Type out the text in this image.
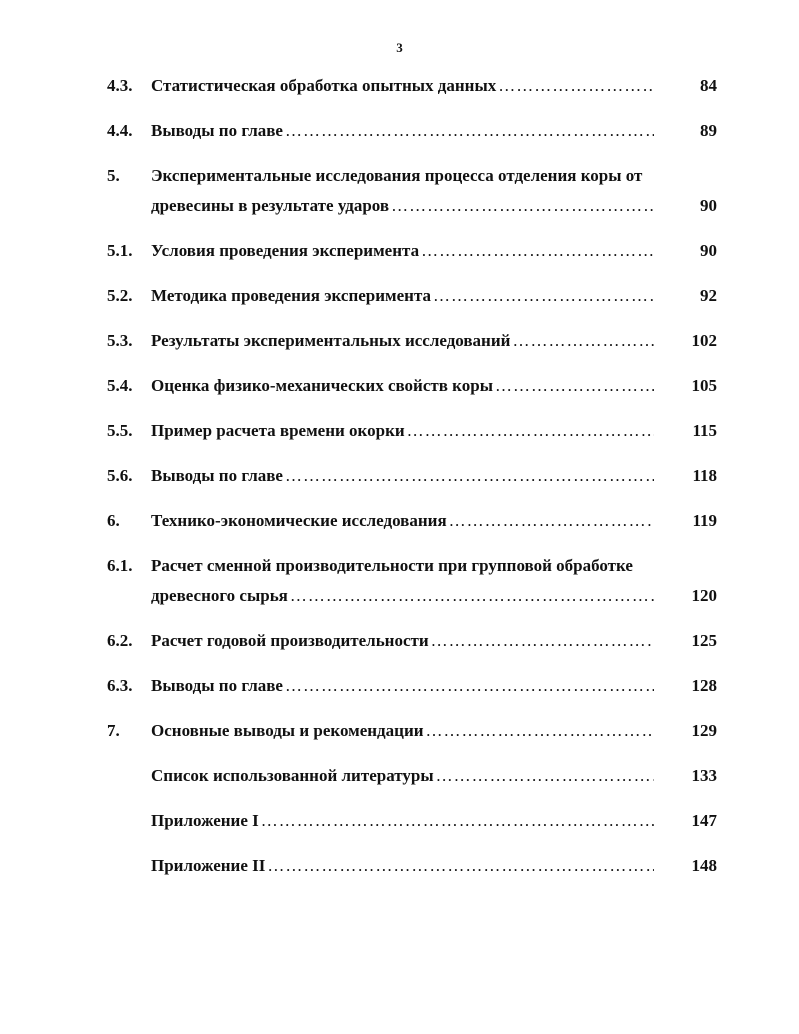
3
4.3.	Статистическая обработка опытных данных ………………………………………………………………………………………………………………………………………………………	84
4.4.	Выводы по главе ………………………………………………………………………………………………………………………………………………………	89
5.	Экспериментальные исследования процесса отделения коры от
древесины в результате ударов ………………………………………………………………………………………………………………………………………………………	90
5.1.	Условия проведения эксперимента ………………………………………………………………………………………………………………………………………………………	90
5.2.	Методика проведения эксперимента ………………………………………………………………………………………………………………………………………………………	92
5.3.	Результаты экспериментальных исследований ………………………………………………………………………………………………………………………………………………………	102
5.4.	Оценка физико-механических свойств коры ………………………………………………………………………………………………………………………………………………………	105
5.5.	Пример расчета времени окорки ………………………………………………………………………………………………………………………………………………………	115
5.6.	Выводы по главе ………………………………………………………………………………………………………………………………………………………	118
6.	Технико-экономические исследования ………………………………………………………………………………………………………………………………………………………	119
6.1.	Расчет сменной производительности при групповой обработке
древесного сырья ………………………………………………………………………………………………………………………………………………………	120
6.2.	Расчет годовой производительности ………………………………………………………………………………………………………………………………………………………	125
6.3.	Выводы по главе ………………………………………………………………………………………………………………………………………………………	128
7.	Основные выводы и рекомендации ………………………………………………………………………………………………………………………………………………………	129
Список использованной литературы ………………………………………………………………………………………………………………………………………………………	133
Приложение I ………………………………………………………………………………………………………………………………………………………	147
Приложение II ………………………………………………………………………………………………………………………………………………………	148
